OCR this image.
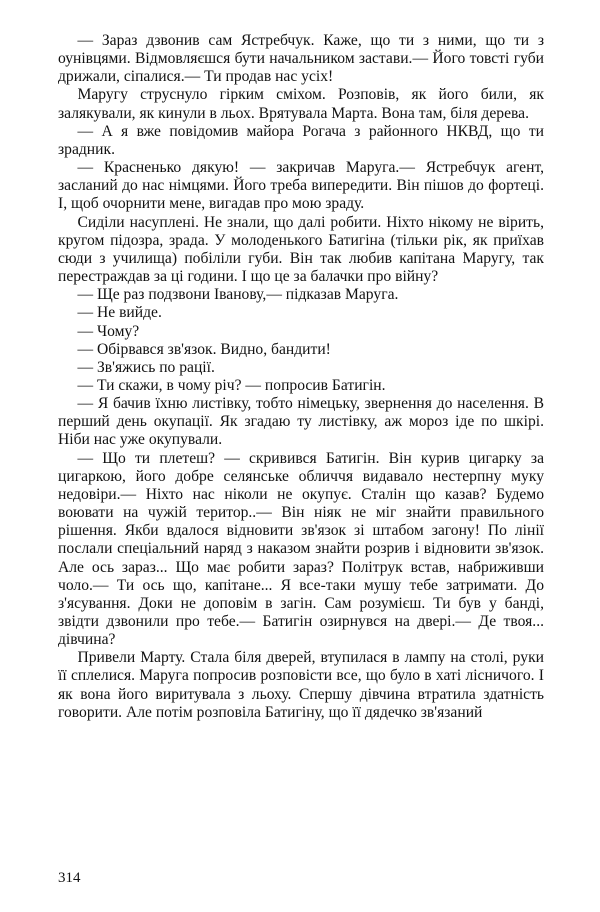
— Зараз дзвонив сам Ястребчук. Каже, що ти з ними, що ти з оунівцями. Відмовляєшся бути начальником застави.— Його товсті губи дрижали, сіпалися.— Ти продав нас усіх!

Маругу струснуло гірким сміхом. Розповів, як його били, як залякували, як кинули в льох. Врятувала Марта. Вона там, біля дерева.

— А я вже повідомив майора Рогача з районного НКВД, що ти зрадник.

— Красненько дякую! — закричав Маруга.— Ястребчук агент, засланий до нас німцями. Його треба випередити. Він пішов до фортеці. І, щоб очорнити мене, вигадав про мою зраду.

Сиділи насуплені. Не знали, що далі робити. Ніхто нікому не вірить, кругом підозра, зрада. У молоденького Батигіна (тільки рік, як приїхав сюди з училища) побіліли губи. Він так любив капітана Маругу, так перестраждав за ці години. І що це за балачки про війну?

— Ще раз подзвони Іванову,— підказав Маруга.

— Не вийде.

— Чому?

— Обірвався зв'язок. Видно, бандити!

— Зв'яжись по рації.

— Ти скажи, в чому річ? — попросив Батигін.

— Я бачив їхню листівку, тобто німецьку, звернення до населення. В перший день окупації. Як згадаю ту листівку, аж мороз іде по шкірі. Ніби нас уже окупували.

— Що ти плетеш? — скривився Батигін. Він курив цигарку за цигаркою, його добре селянське обличчя видавало нестерпну муку недовіри.— Ніхто нас ніколи не окупує. Сталін що казав? Будемо воювати на чужій територ..— Він ніяк не міг знайти правильного рішення. Якби вдалося відновити зв'язок зі штабом загону! По лінії послали спеціальний наряд з наказом знайти розрив і відновити зв'язок. Але ось зараз... Що має робити зараз? Політрук встав, набриживши чоло.— Ти ось що, капітане... Я все-таки мушу тебе затримати. До з'ясування. Доки не доповім в загін. Сам розумієш. Ти був у банді, звідти дзвонили про тебе.— Батигін озирнувся на двері.— Де твоя... дівчина?

Привели Марту. Стала біля дверей, втупилася в лампу на столі, руки її сплелися. Маруга попросив розповісти все, що було в хаті лісничого. І як вона його виритувала з льоху. Спершу дівчина втратила здатність говорити. Але потім розповіла Батигіну, що її дядечко зв'язаний

314
